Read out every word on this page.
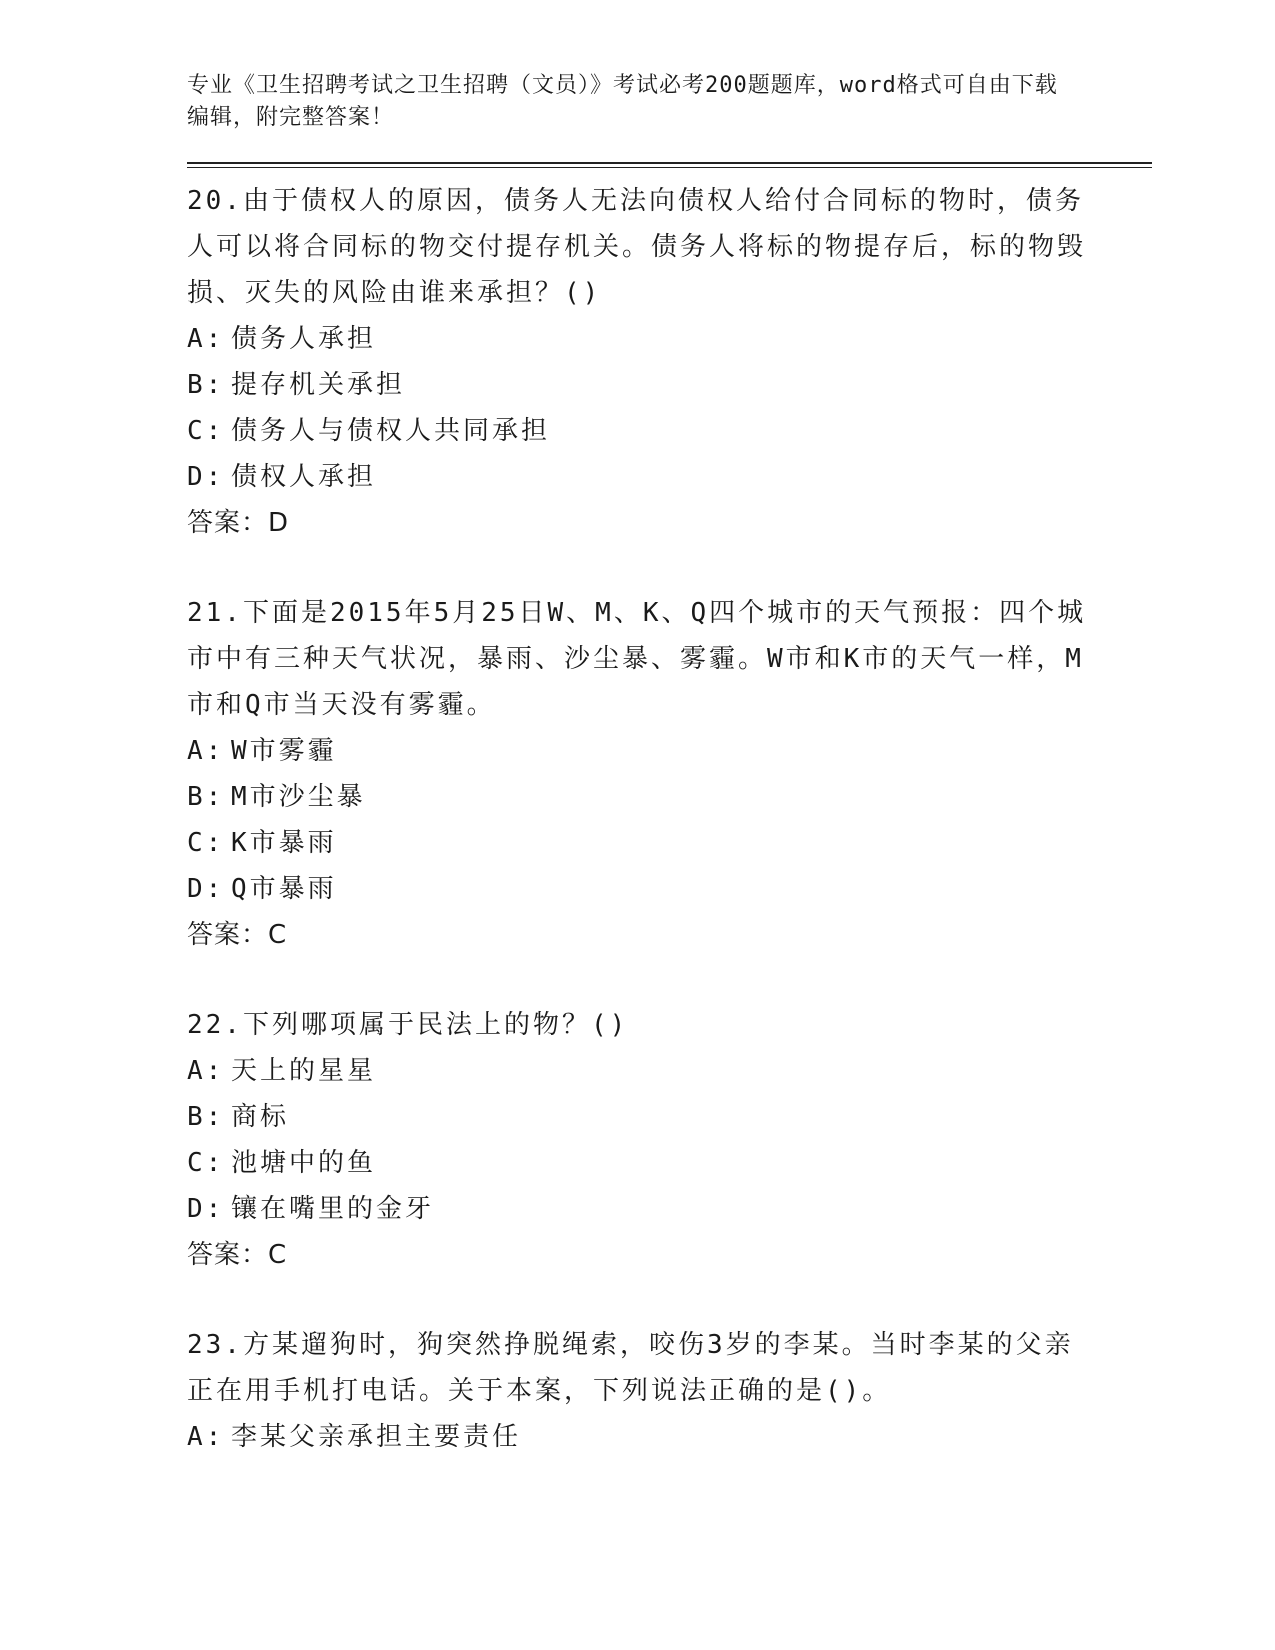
专业《卫生招聘考试之卫生招聘（文员）》考试必考200题题库，word格式可自由下载编辑，附完整答案！

20.由于债权人的原因，债务人无法向债权人给付合同标的物时，债务人可以将合同标的物交付提存机关。债务人将标的物提存后，标的物毁损、灭失的风险由谁来承担？()

A: 债务人承担

B: 提存机关承担

C: 债务人与债权人共同承担

D: 债权人承担

答案：D

21.下面是2015年5月25日W、M、K、Q四个城市的天气预报：四个城市中有三种天气状况，暴雨、沙尘暴、雾霾。W市和K市的天气一样，M市和Q市当天没有雾霾。

A: W市雾霾

B: M市沙尘暴

C: K市暴雨

D: Q市暴雨

答案：C

22.下列哪项属于民法上的物？()

A: 天上的星星

B: 商标

C: 池塘中的鱼

D: 镶在嘴里的金牙

答案：C

23.方某遛狗时，狗突然挣脱绳索，咬伤3岁的李某。当时李某的父亲正在用手机打电话。关于本案，下列说法正确的是()。

A: 李某父亲承担主要责任
